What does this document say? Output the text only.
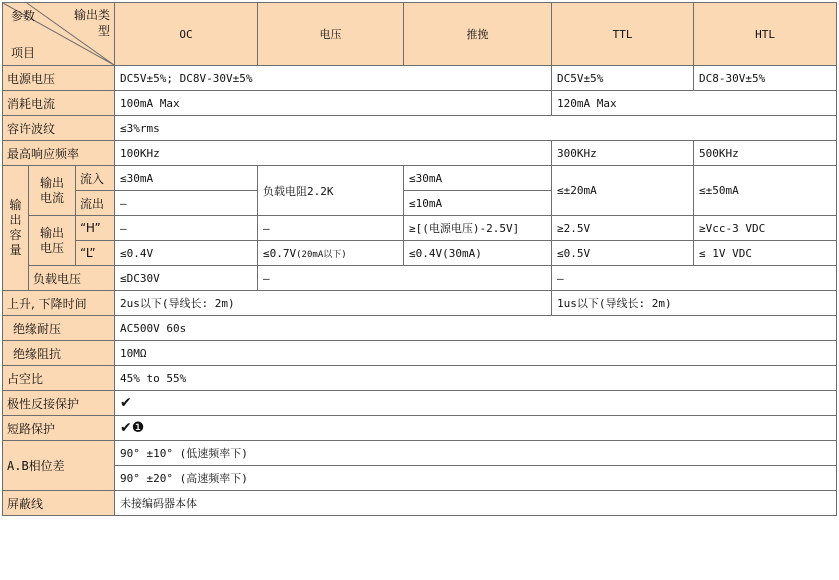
参数 输出类
型
项目			OC	电压	推挽	TTL	HTL
电源电压			DC5V±5%; DC8V-30V±5%			DC5V±5%	DC8-30V±5%
消耗电流			100mA Max			120mA Max	
容许波纹			≤3%rms				
最高响应频率			100KHz			300KHz	500KHz
输出容量	输出电流	流入	≤30mA	负载电阻2.2K	≤30mA	≤±20mA	≤±50mA
		流出	—		≤10mA		
	输出电压	“H”	—	—	≥[(电源电压)-2.5V]	≥2.5V	≥Vcc-3 VDC
		“L”	≤0.4V	≤0.7V(20mA以下)	≤0.4V(30mA)	≤0.5V	≤ 1V VDC
	负载电压		≤DC30V	—		—	
上升, 下降时间			2us以下(导线长: 2m)			1us以下(导线长: 2m)	
绝缘耐压			AC500V 60s				
绝缘阻抗			10MΩ				
占空比			45% to 55%				
极性反接保护			✔				
短路保护			✔❶				
A.B相位差			90° ±10° (低速频率下)				
			90° ±20° (高速频率下)				
屏蔽线			未接编码器本体				
